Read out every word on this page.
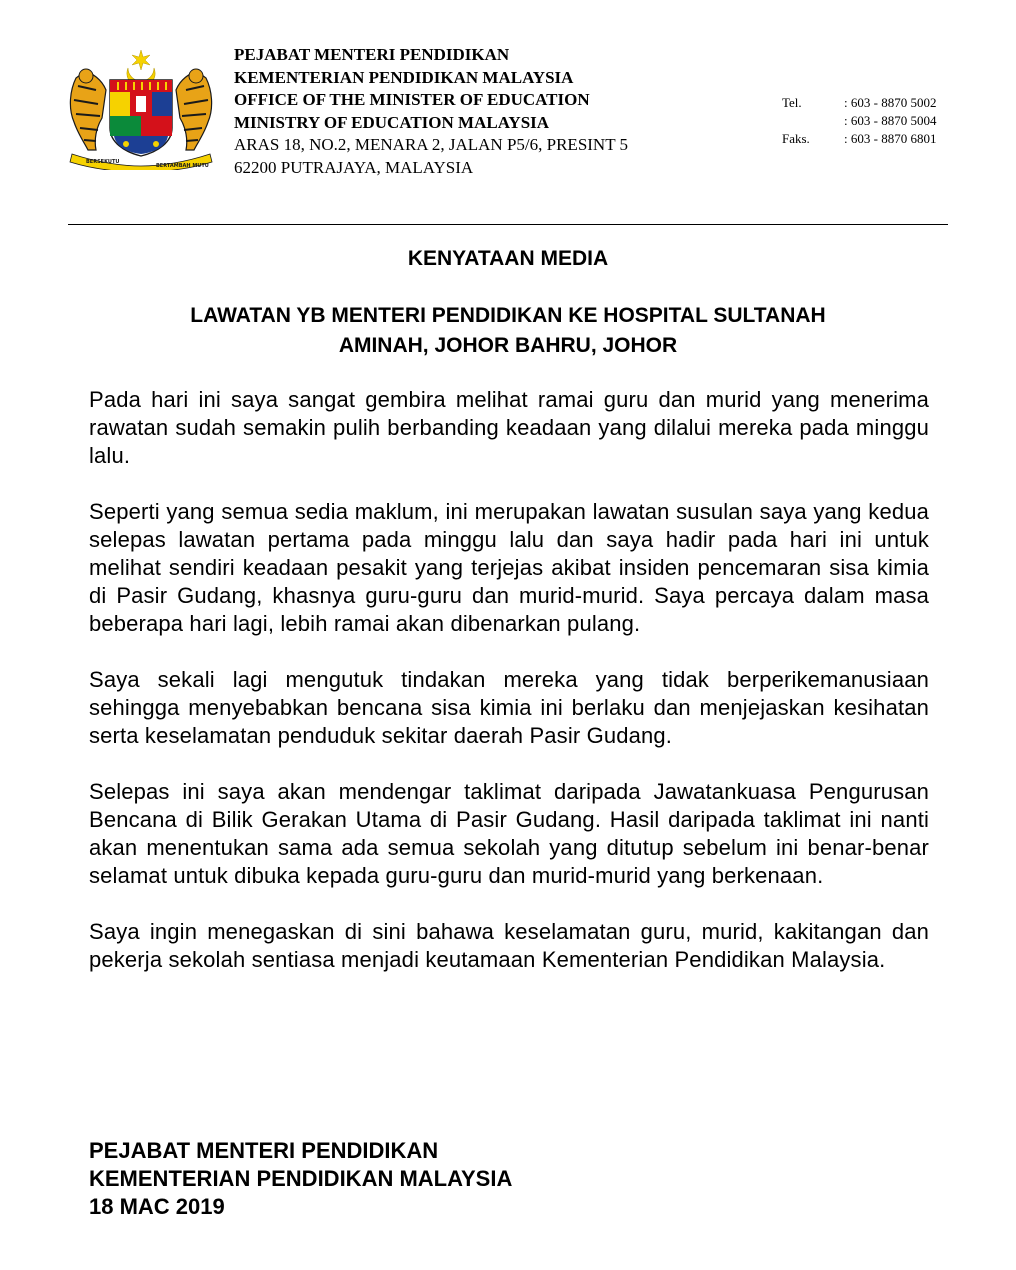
BERSEKUTU
BERTAMBAH MUTU
PEJABAT MENTERI PENDIDIKAN
KEMENTERIAN PENDIDIKAN MALAYSIA
OFFICE OF THE MINISTER OF EDUCATION
MINISTRY OF EDUCATION MALAYSIA
ARAS 18, NO.2, MENARA 2, JALAN P5/6, PRESINT 5
62200 PUTRAJAYA, MALAYSIA
Tel.	: 603 - 8870 5002
: 603 - 8870 5004
Faks.	: 603 - 8870 6801
KENYATAAN MEDIA
LAWATAN YB MENTERI PENDIDIKAN KE HOSPITAL SULTANAH
AMINAH, JOHOR BAHRU, JOHOR

Pada hari ini saya sangat gembira melihat ramai guru dan murid yang menerima rawatan sudah semakin pulih berbanding keadaan yang dilalui mereka pada minggu lalu.

Seperti yang semua sedia maklum, ini merupakan lawatan susulan saya yang kedua selepas lawatan pertama pada minggu lalu dan saya hadir pada hari ini untuk melihat sendiri keadaan pesakit yang terjejas akibat insiden pencemaran sisa kimia di Pasir Gudang, khasnya guru-guru dan murid-murid. Saya percaya dalam masa beberapa hari lagi, lebih ramai akan dibenarkan pulang.

Saya sekali lagi mengutuk tindakan mereka yang tidak berperikemanusiaan sehingga menyebabkan bencana sisa kimia ini berlaku dan menjejaskan kesihatan serta keselamatan penduduk sekitar daerah Pasir Gudang.

Selepas ini saya akan mendengar taklimat daripada Jawatankuasa Pengurusan Bencana di Bilik Gerakan Utama di Pasir Gudang. Hasil daripada taklimat ini nanti akan menentukan sama ada semua sekolah yang ditutup sebelum ini benar-benar selamat untuk dibuka kepada guru-guru dan murid-murid yang berkenaan.

Saya ingin menegaskan di sini bahawa keselamatan guru, murid, kakitangan dan pekerja sekolah sentiasa menjadi keutamaan Kementerian Pendidikan Malaysia.

PEJABAT MENTERI PENDIDIKAN
KEMENTERIAN PENDIDIKAN MALAYSIA
18 MAC 2019
